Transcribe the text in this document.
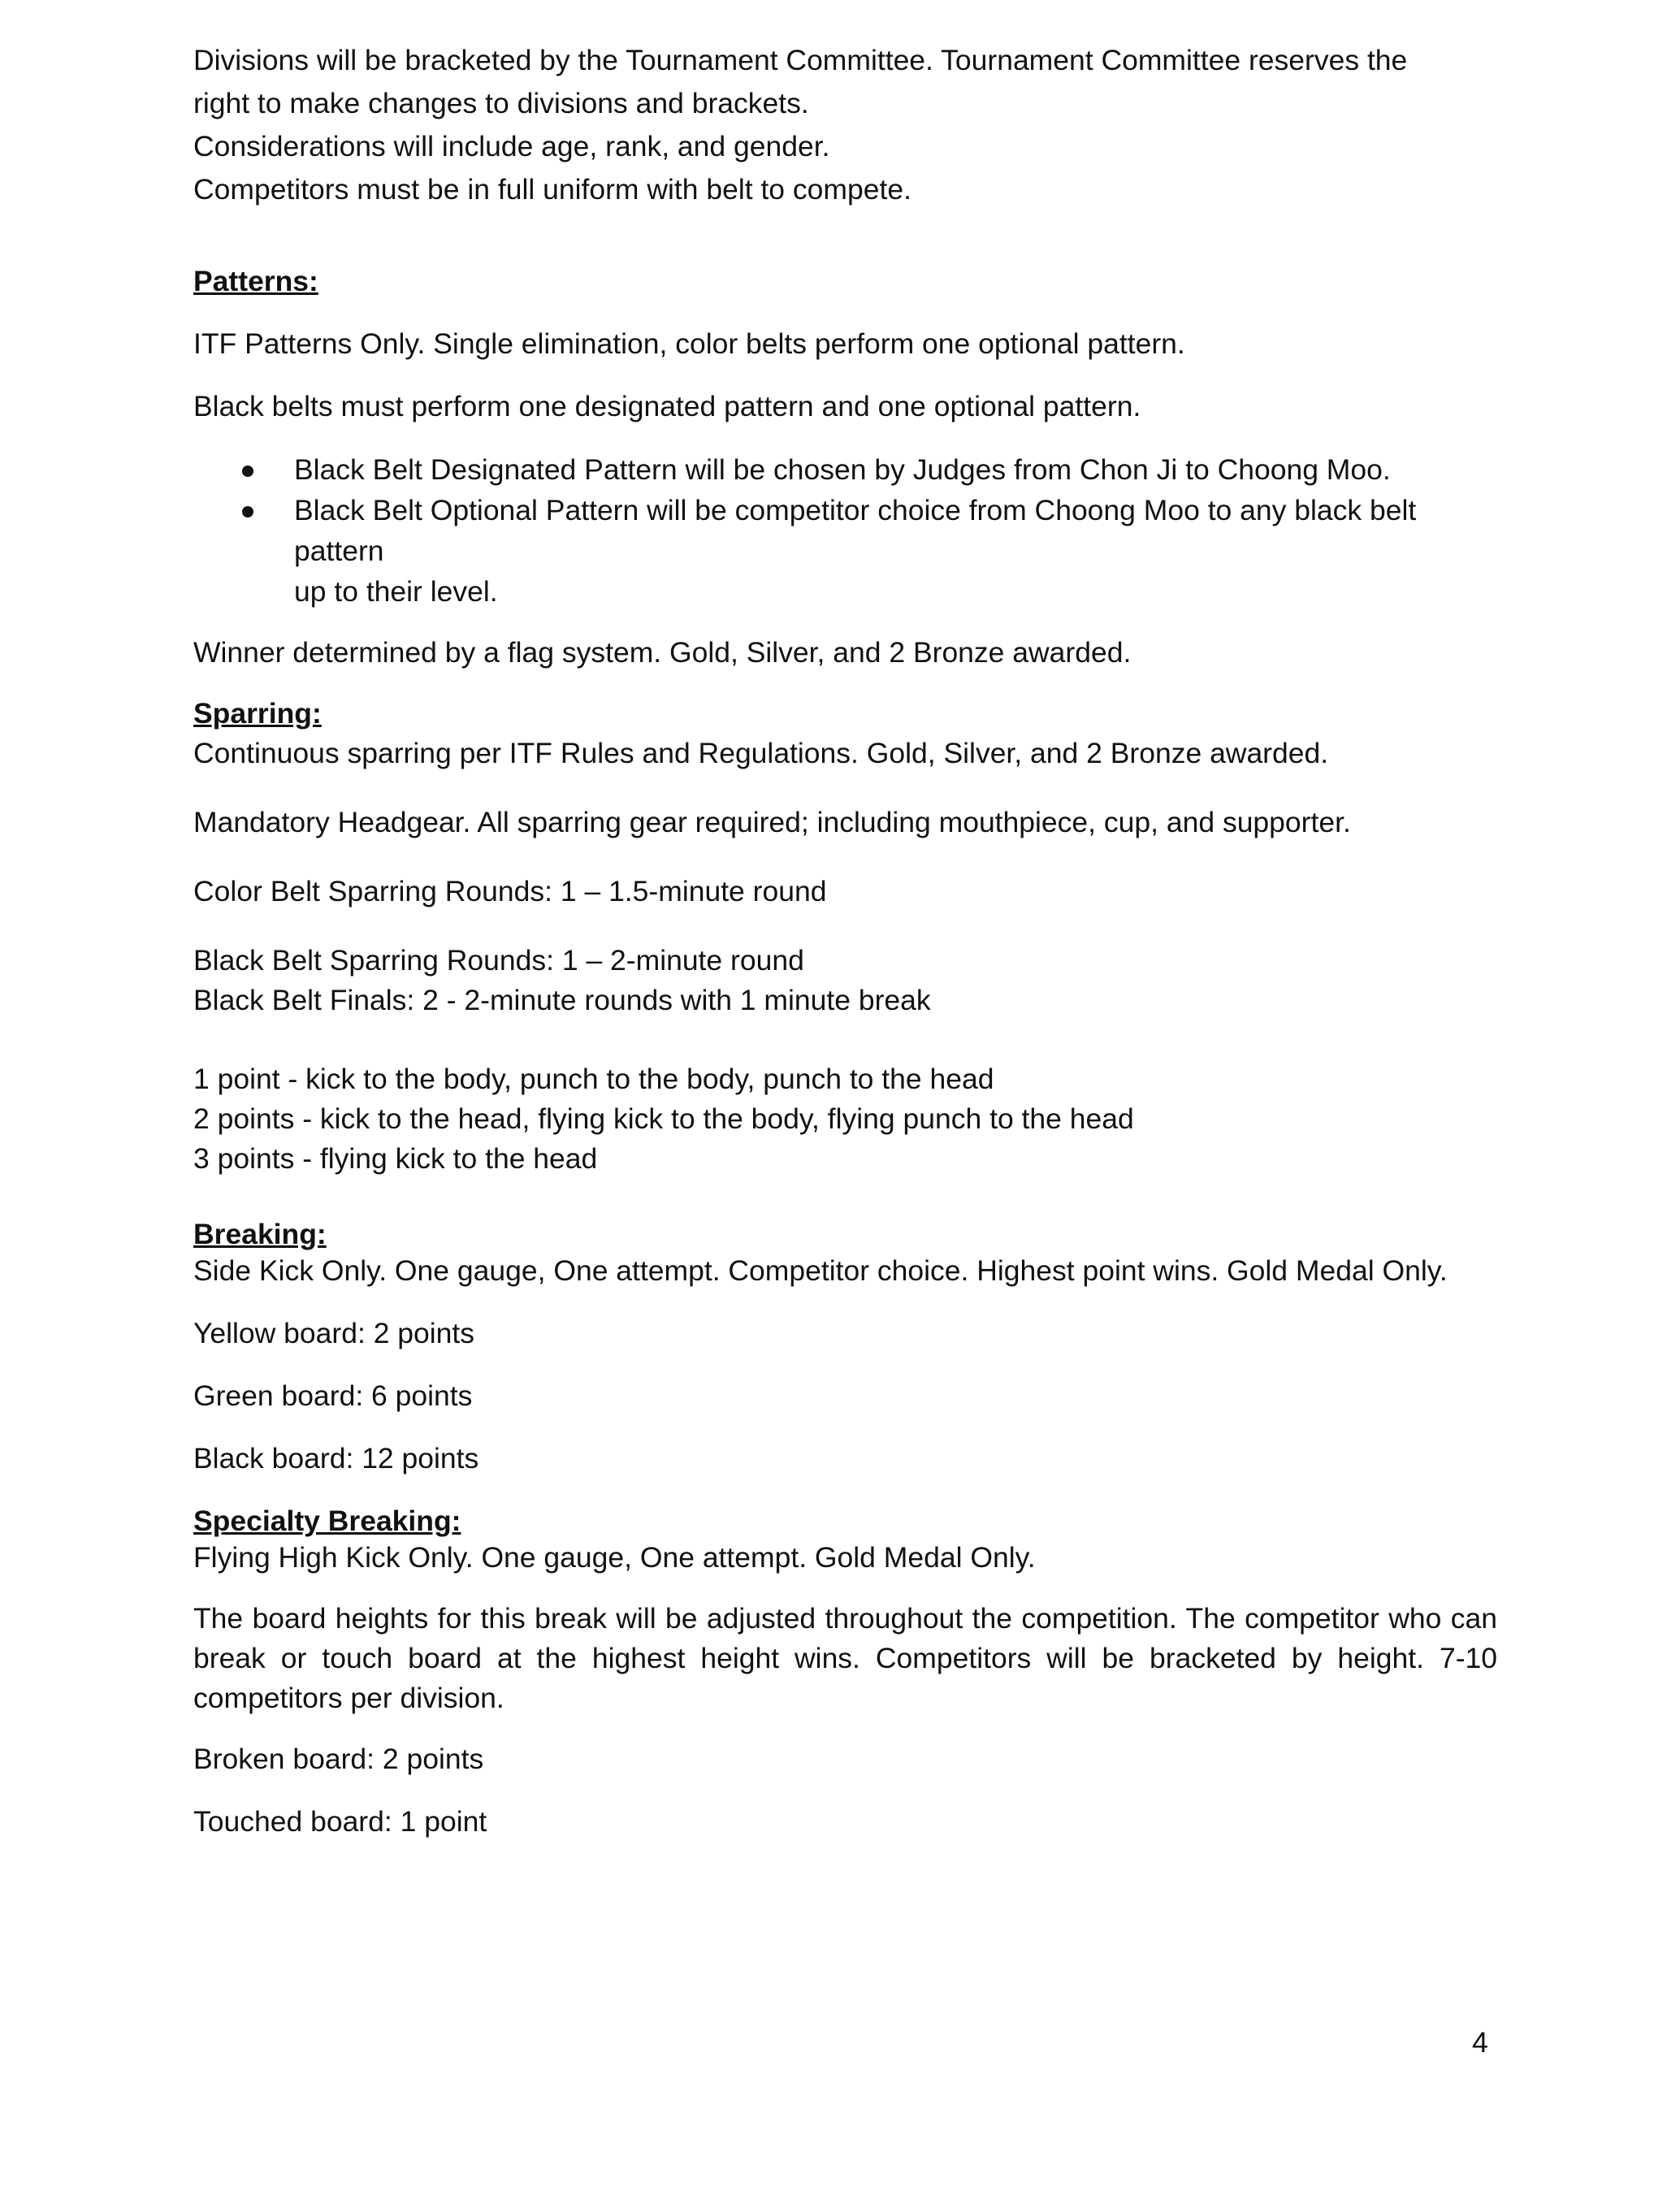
Divisions will be bracketed by the Tournament Committee. Tournament Committee reserves the

right to make changes to divisions and brackets.

Considerations will include age, rank, and gender.

Competitors must be in full uniform with belt to compete.

Patterns:

ITF Patterns Only. Single elimination, color belts perform one optional pattern.

Black belts must perform one designated pattern and one optional pattern.

Black Belt Designated Pattern will be chosen by Judges from Chon Ji to Choong Moo.
Black Belt Optional Pattern will be competitor choice from Choong Moo to any black belt pattern
up to their level.

Winner determined by a flag system. Gold, Silver, and 2 Bronze awarded.

Sparring:

Continuous sparring per ITF Rules and Regulations. Gold, Silver, and 2 Bronze awarded.

Mandatory Headgear. All sparring gear required; including mouthpiece, cup, and supporter.

Color Belt Sparring Rounds: 1 – 1.5-minute round

Black Belt Sparring Rounds: 1 – 2-minute round

Black Belt Finals: 2 - 2-minute rounds with 1 minute break

1 point - kick to the body, punch to the body, punch to the head

2 points - kick to the head, flying kick to the body, flying punch to the head

3 points - flying kick to the head

Breaking:

Side Kick Only. One gauge, One attempt. Competitor choice. Highest point wins. Gold Medal Only.

Yellow board: 2 points

Green board: 6 points

Black board: 12 points

Specialty Breaking:

Flying High Kick Only. One gauge, One attempt. Gold Medal Only.

The board heights for this break will be adjusted throughout the competition. The competitor who can break or touch board at the highest height wins. Competitors will be bracketed by height. 7-10 competitors per division.

Broken board: 2 points

Touched board: 1 point

4
